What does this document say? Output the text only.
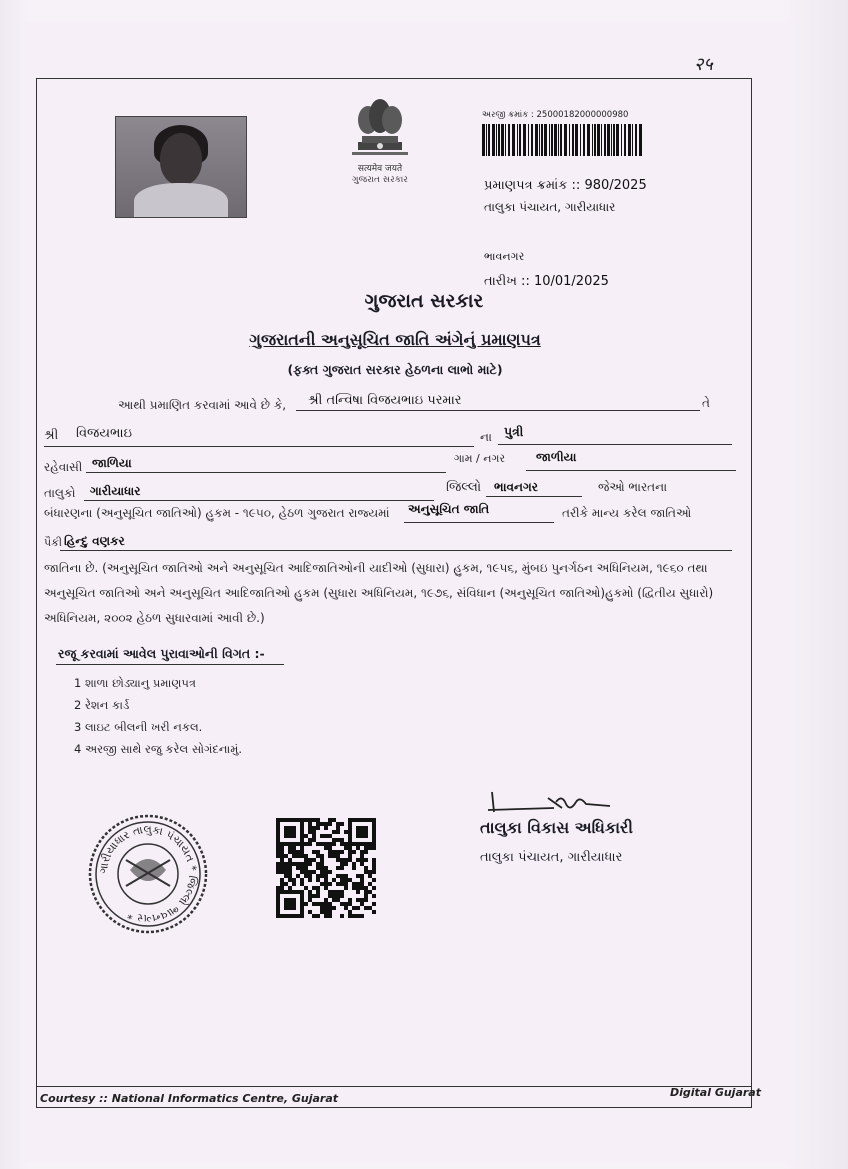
२५
सत्यमेव जयते
ગુજરાત સરકાર
અરજી ક્રમાંક : 25000182000000980
પ્રમાણપત્ર ક્રમાંક :: 980/2025
તાલુકા પંચાયત, ગારીયાધાર
ભાવનગર
તારીખ :: 10/01/2025
ગુજરાત સરકાર
ગુજરાતની અનુસૂચિત જાતિ અંગેનું પ્રમાણપત્ર
(ફક્ત ગુજરાત સરકાર હેઠળના લાભો માટે)
આથી પ્રમાણિત કરવામાં આવે છે કે, શ્રી તન્વિષા વિજયભાઇ પરમાર	તે
શ્રી વિજયભાઇ	ના પુત્રી
રહેવાસી જાળિયા	ગામ / નગર	જાળીયા
તાલુકો ગારીયાધાર	જિલ્લો ભાવનગર	જેઓ ભારતના
બંધારણના (અનુસૂચિત જાતિઓ) હુકમ - ૧૯૫૦, હેઠળ ગુજરાત રાજ્યમાં અનુસૂચિત જાતિ	તરીકે માન્ય કરેલ જાતિઓ
પૈકી હિન્દુ વણકર
જાતિના છે. (અનુસૂચિત જાતિઓ અને અનુસૂચિત આદિજાતિઓની યાદીઓ (સુધારા) હુકમ, ૧૯૫૬, મુંબઇ પુનર્ગઠન અધિનિયમ, ૧૯૬૦ તથા
અનુસૂચિત જાતિઓ અને અનુસૂચિત આદિજાતિઓ હુકમ (સુધારા અધિનિયમ, ૧૯૭૬, સંવિધાન (અનુસૂચિત જાતિઓ)હુકમો (દ્વિતીય સુધારો)
અધિનિયમ, ૨૦૦૨ હેઠળ સુધારવામાં આવી છે.)
રજૂ કરવામાં આવેલ પુરાવાઓની વિગત :-
1 શાળા છોડ્યાનુ પ્રમાણપત્ર
2 રેશન કાર્ડ
3 લાઇટ બીલની ખરી નકલ.
4 અરજી સાથે રજુ કરેલ સોગંદનામું.
ગારીયાધાર તાલુકા પંચાયત * જિલ્લો ભાવનગર *
તાલુકા વિકાસ અધિકારી
તાલુકા પંચાયત, ગારીયાધાર
Courtesy :: National Informatics Centre, Gujarat	Digital Gujarat
